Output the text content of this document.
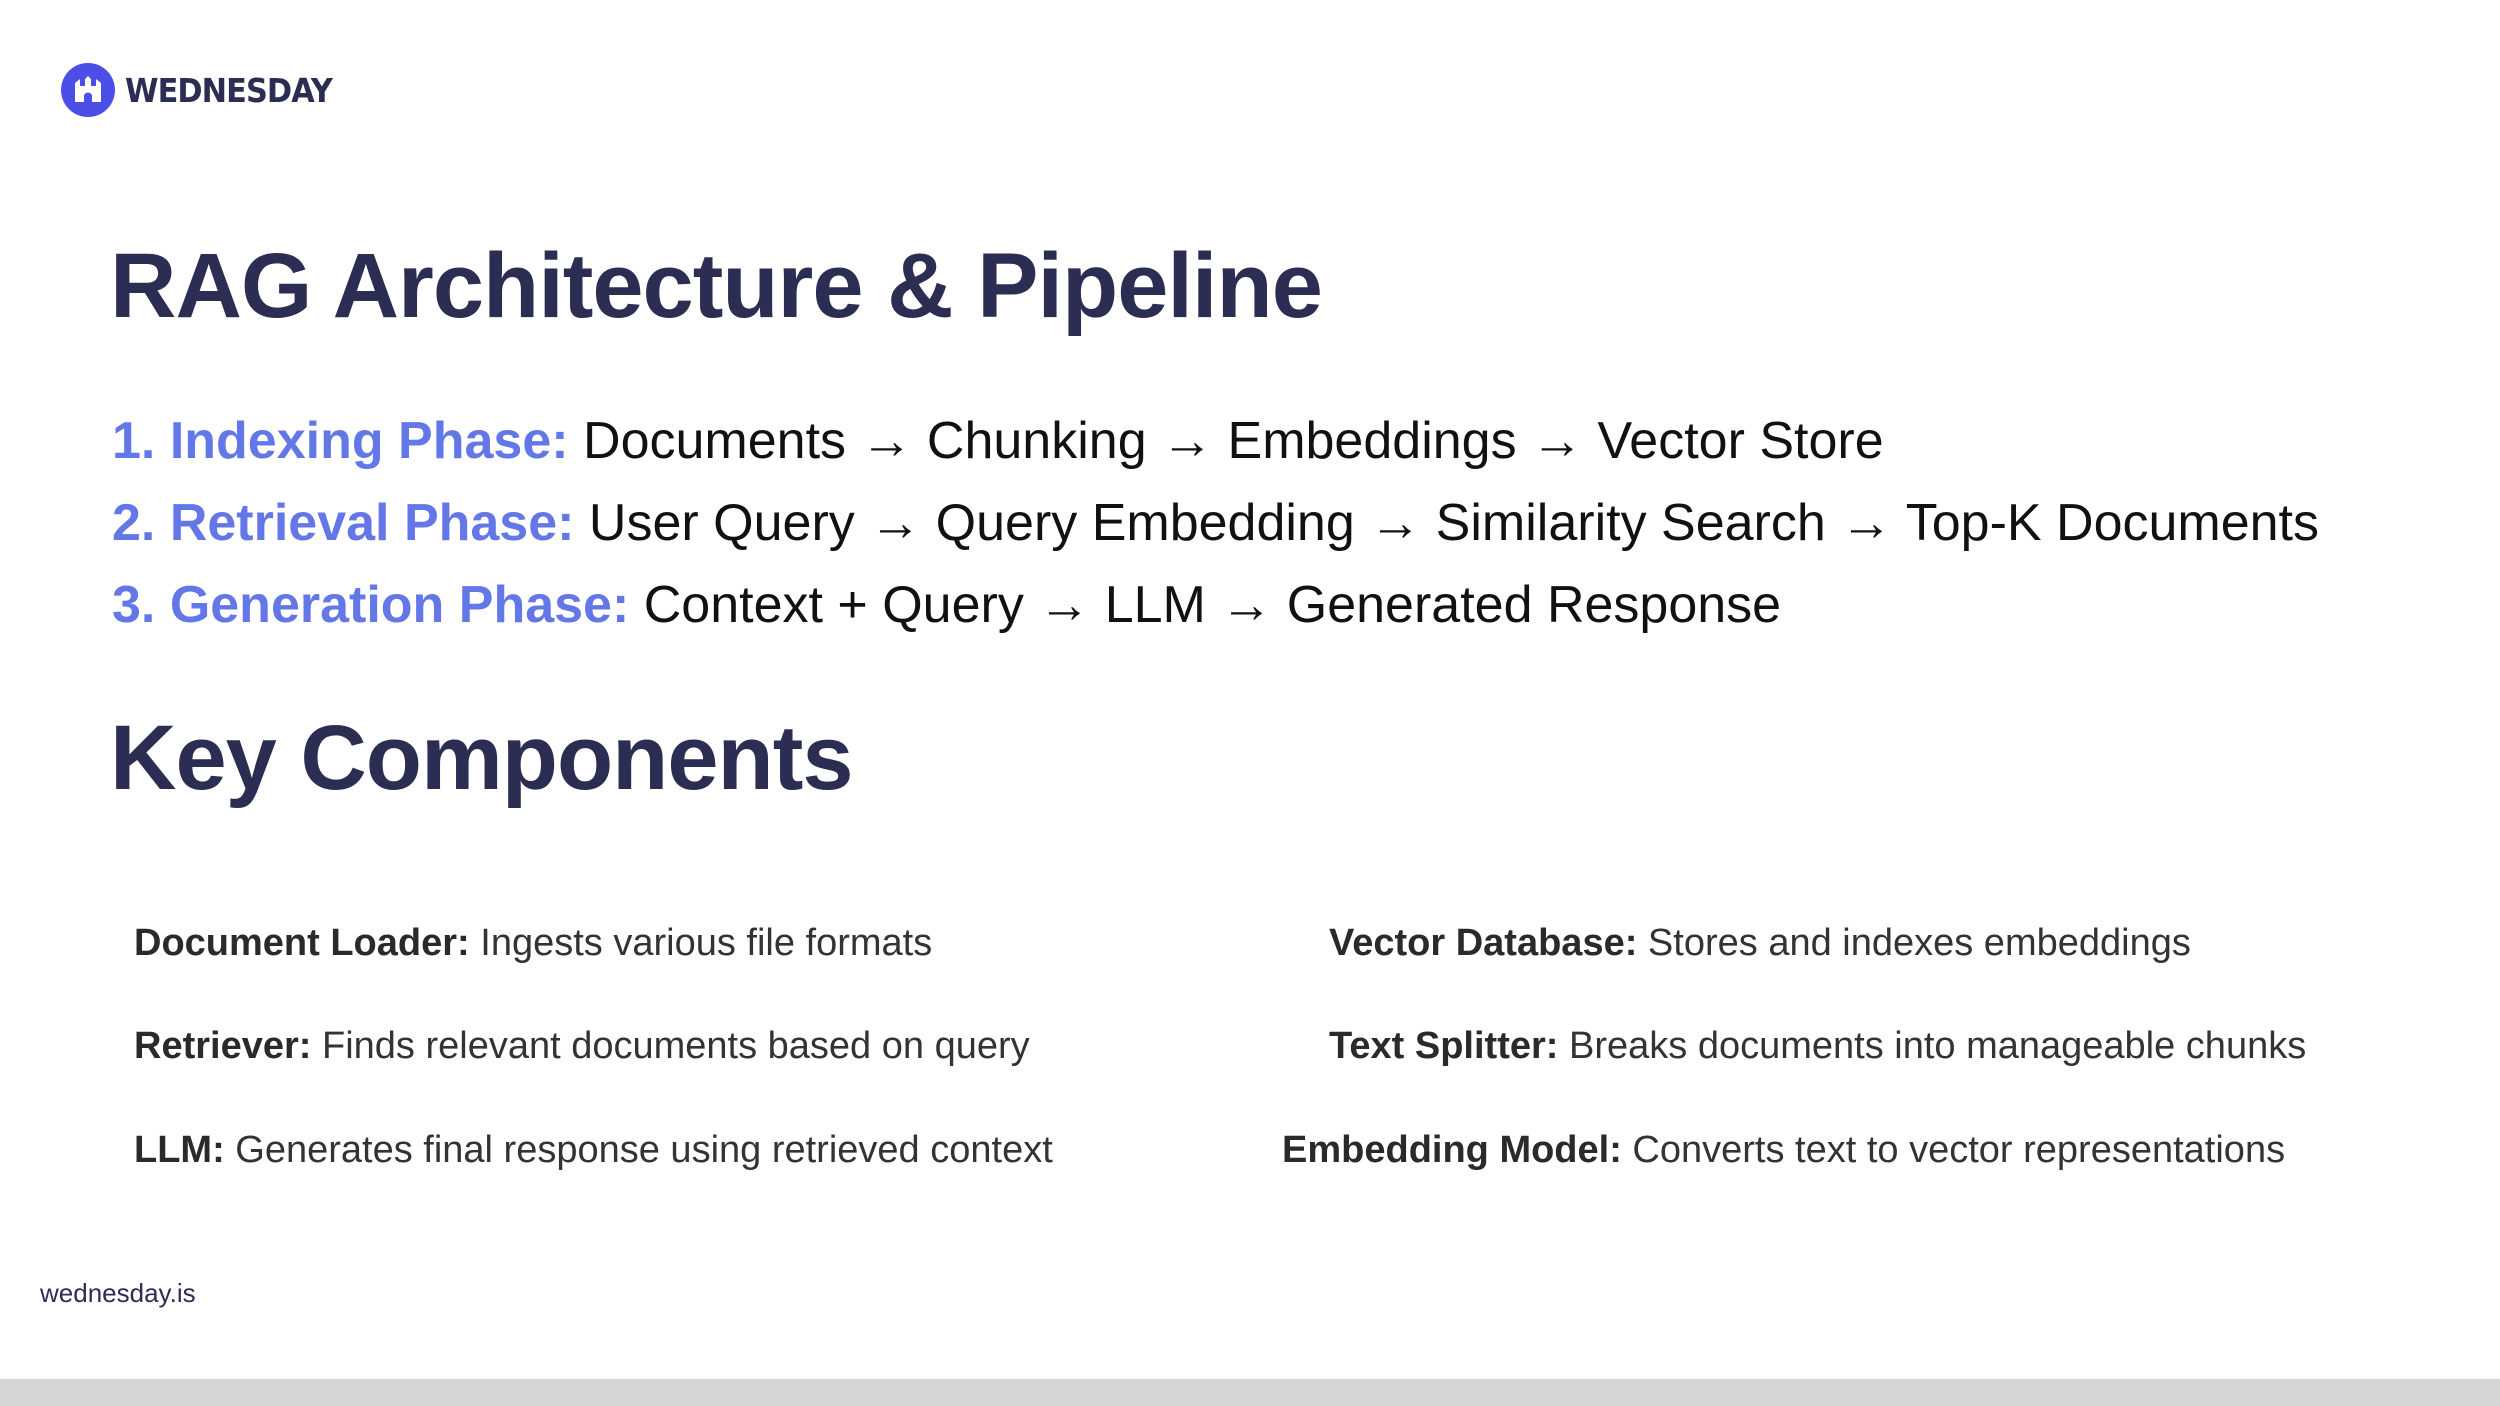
WEDNESDAY
RAG Architecture & Pipeline
1. Indexing Phase: Documents → Chunking → Embeddings → Vector Store
2. Retrieval Phase: User Query → Query Embedding → Similarity Search → Top-K Documents
3. Generation Phase: Context + Query → LLM → Generated Response
Key Components
Document Loader: Ingests various file formats	Vector Database: Stores and indexes embeddings
Retriever: Finds relevant documents based on query	Text Splitter: Breaks documents into manageable chunks
LLM: Generates final response using retrieved context	Embedding Model: Converts text to vector representations
wednesday.is
